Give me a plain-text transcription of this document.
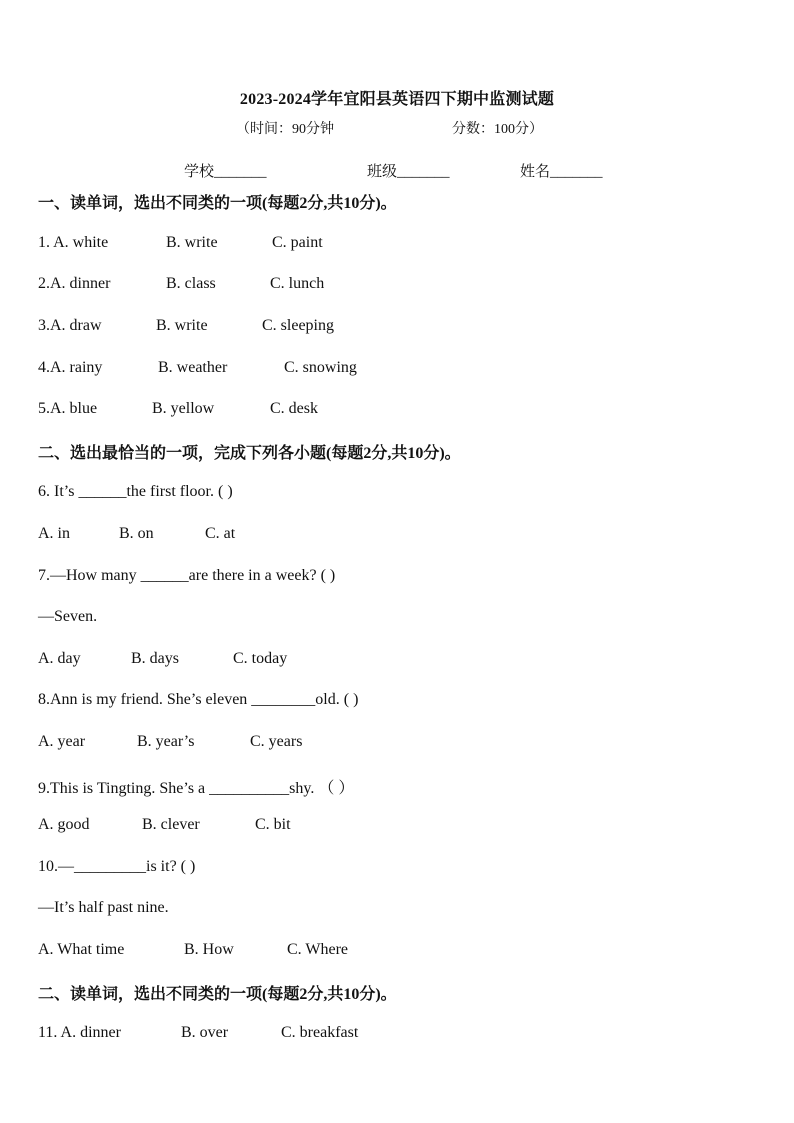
2023-2024学年宜阳县英语四下期中监测试题
（时间：90分钟	分数：100分）
学校_______	班级_______	姓名_______
一、读单词，选出不同类的一项(每题2分,共10分)。
1. A. white	B. write	C. paint
2.A. dinner	B. class	C. lunch
3.A. draw	B. write	C. sleeping
4.A. rainy	B. weather	C. snowing
5.A. blue	B. yellow	C. desk
二、选出最恰当的一项，完成下列各小题(每题2分,共10分)。
6. It’s ______the first floor. ( )
A. in	B. on	C. at
7.—How many ______are there in a week? ( )
—Seven.
A. day	B. days	C. today
8.Ann is my friend. She’s eleven ________old. ( )
A. year	B. year’s	C. years
9.This is Tingting. She’s a __________shy. （ ）
A. good	B. clever	C. bit
10.—_________is it? ( )
—It’s half past nine.
A. What time	B. How	C. Where
二、读单词，选出不同类的一项(每题2分,共10分)。
11. A. dinner	B. over	C. breakfast
